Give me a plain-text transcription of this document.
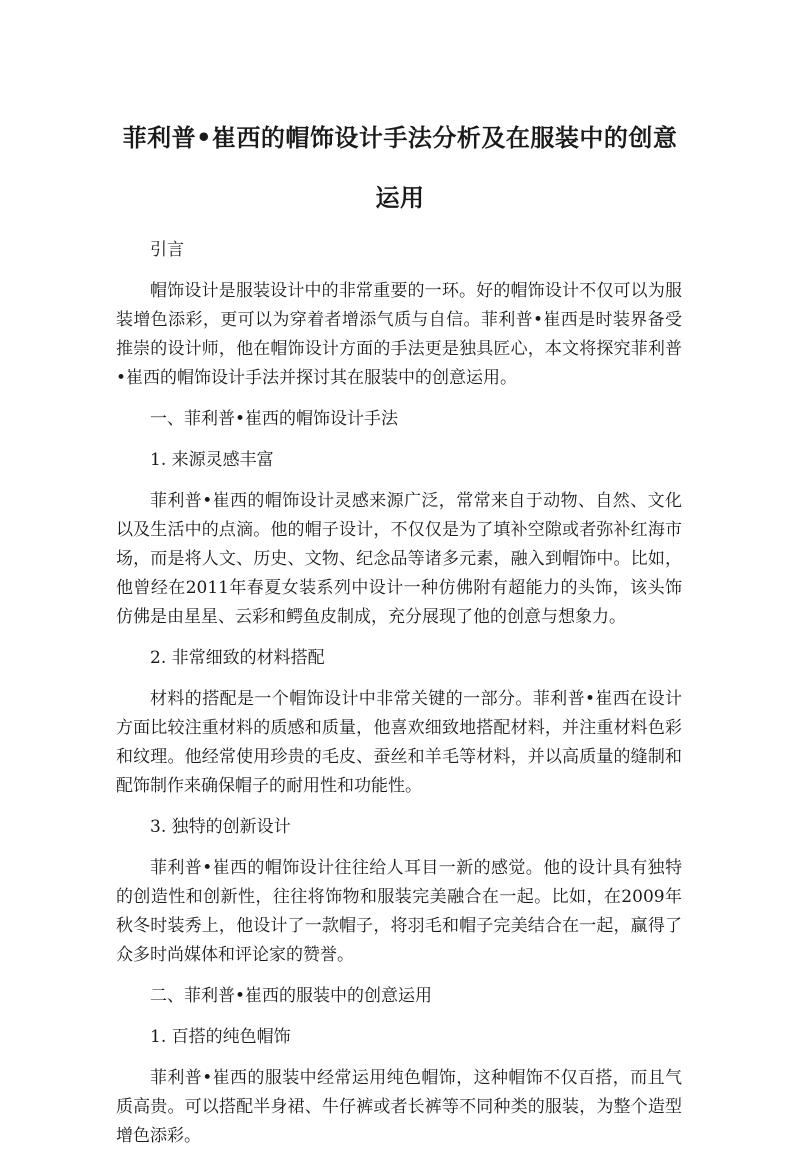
菲利普•崔西的帽饰设计手法分析及在服装中的创意运用

引言

帽饰设计是服装设计中的非常重要的一环。好的帽饰设计不仅可以为服装增色添彩，更可以为穿着者增添气质与自信。菲利普•崔西是时装界备受推崇的设计师，他在帽饰设计方面的手法更是独具匠心，本文将探究菲利普•崔西的帽饰设计手法并探讨其在服装中的创意运用。

一、菲利普•崔西的帽饰设计手法

1. 来源灵感丰富

菲利普•崔西的帽饰设计灵感来源广泛，常常来自于动物、自然、文化以及生活中的点滴。他的帽子设计，不仅仅是为了填补空隙或者弥补红海市场，而是将人文、历史、文物、纪念品等诸多元素，融入到帽饰中。比如，他曾经在2011年春夏女装系列中设计一种仿佛附有超能力的头饰，该头饰仿佛是由星星、云彩和鳄鱼皮制成，充分展现了他的创意与想象力。

2. 非常细致的材料搭配

材料的搭配是一个帽饰设计中非常关键的一部分。菲利普•崔西在设计方面比较注重材料的质感和质量，他喜欢细致地搭配材料，并注重材料色彩和纹理。他经常使用珍贵的毛皮、蚕丝和羊毛等材料，并以高质量的缝制和配饰制作来确保帽子的耐用性和功能性。

3. 独特的创新设计

菲利普•崔西的帽饰设计往往给人耳目一新的感觉。他的设计具有独特的创造性和创新性，往往将饰物和服装完美融合在一起。比如，在2009年秋冬时装秀上，他设计了一款帽子，将羽毛和帽子完美结合在一起，赢得了众多时尚媒体和评论家的赞誉。

二、菲利普•崔西的服装中的创意运用

1. 百搭的纯色帽饰

菲利普•崔西的服装中经常运用纯色帽饰，这种帽饰不仅百搭，而且气质高贵。可以搭配半身裙、牛仔裤或者长裤等不同种类的服装，为整个造型增色添彩。
